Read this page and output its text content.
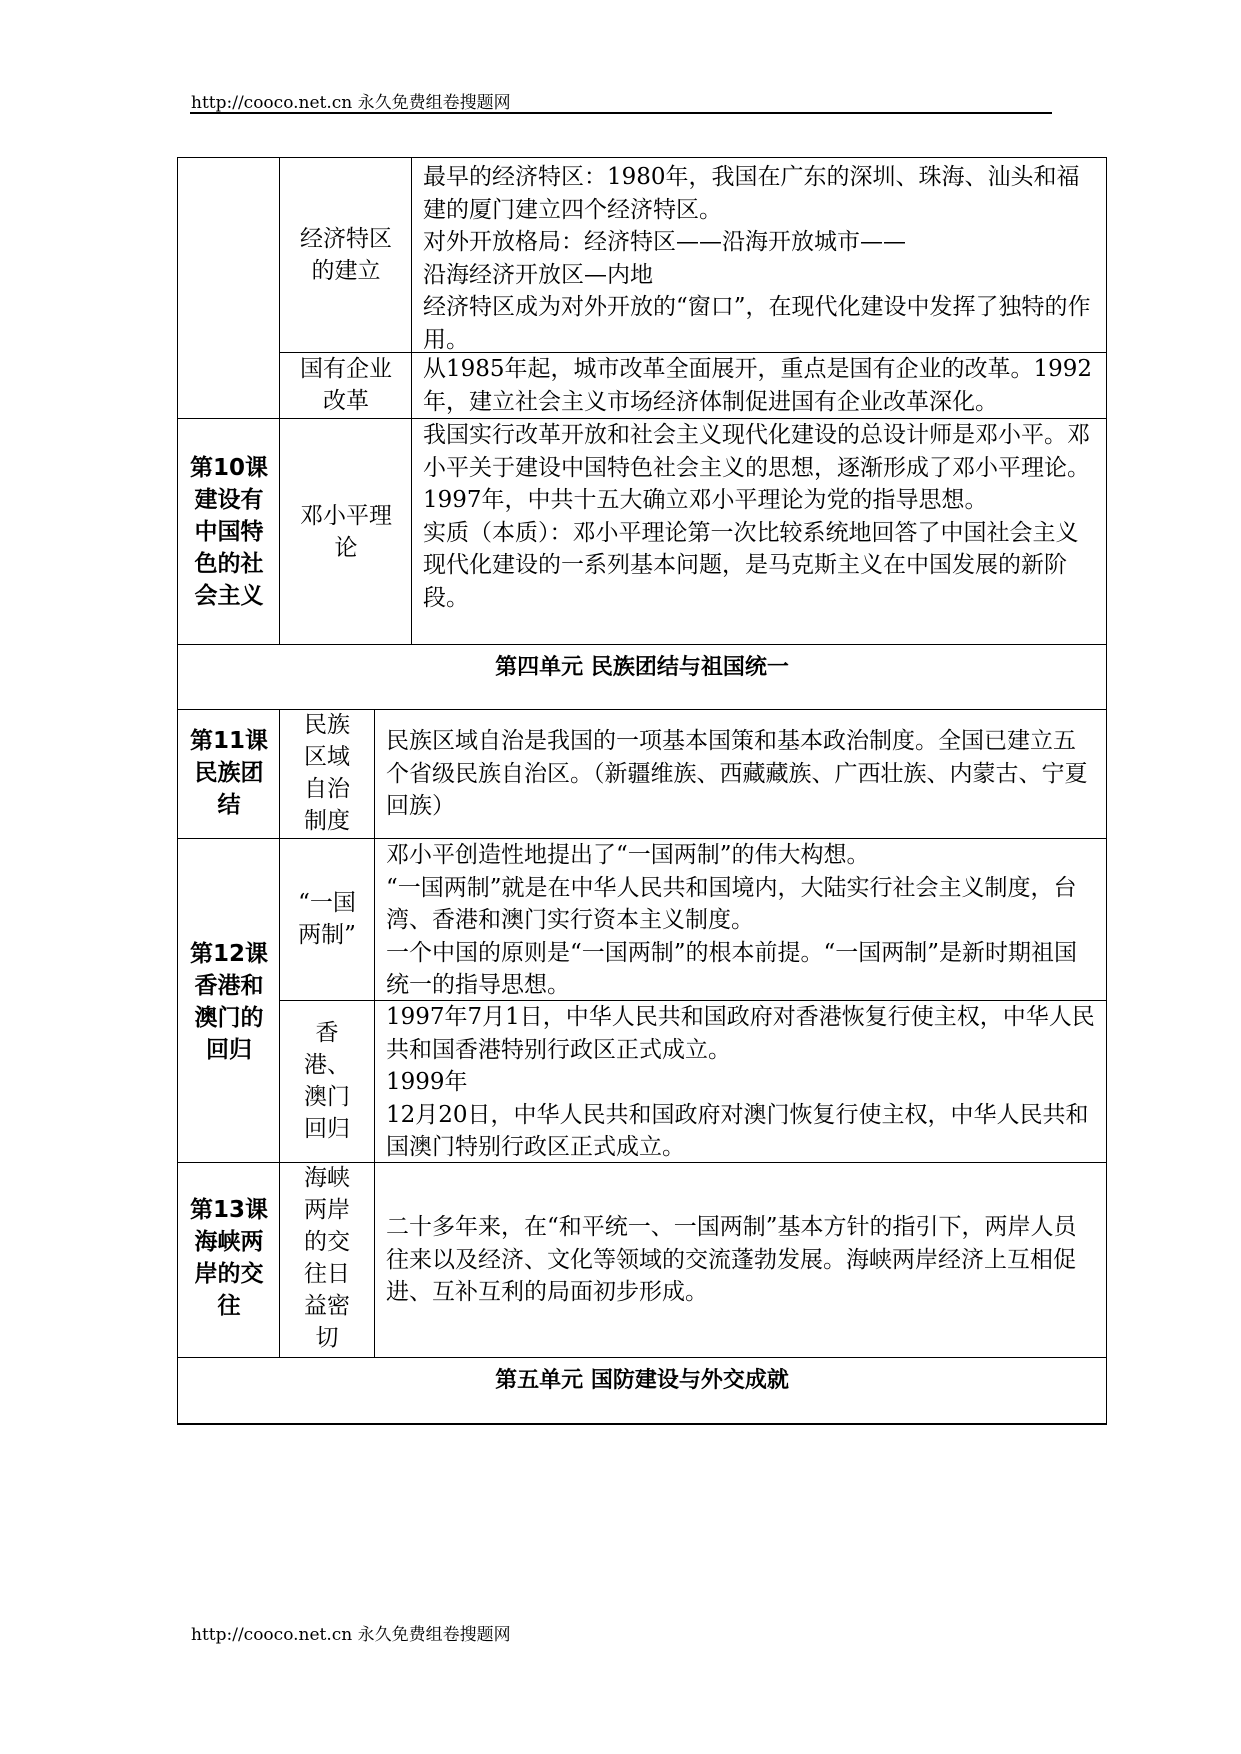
http://cooco.net.cn 永久免费组卷搜题网
经济特区的建立
最早的经济特区：1980年，我国在广东的深圳、珠海、汕头和福建的厦门建立四个经济特区。
对外开放格局：经济特区——沿海开放城市——
沿海经济开放区—内地
经济特区成为对外开放的“窗口”，在现代化建设中发挥了独特的作用。
国有企业改革
从1985年起，城市改革全面展开，重点是国有企业的改革。1992年，建立社会主义市场经济体制促进国有企业改革深化。
第10课建设有中国特色的社会主义
邓小平理论
我国实行改革开放和社会主义现代化建设的总设计师是邓小平。邓小平关于建设中国特色社会主义的思想，逐渐形成了邓小平理论。1997年，中共十五大确立邓小平理论为党的指导思想。
实质（本质）：邓小平理论第一次比较系统地回答了中国社会主义现代化建设的一系列基本问题，是马克斯主义在中国发展的新阶段。
第四单元 民族团结与祖国统一
第11课民族团结
民族区域自治制度
民族区域自治是我国的一项基本国策和基本政治制度。全国已建立五个省级民族自治区。（新疆维族、西藏藏族、广西壮族、内蒙古、宁夏回族）
第12课香港和澳门的回归
“一国两制”
邓小平创造性地提出了“一国两制”的伟大构想。
“一国两制”就是在中华人民共和国境内，大陆实行社会主义制度，台湾、香港和澳门实行资本主义制度。
一个中国的原则是“一国两制”的根本前提。“一国两制”是新时期祖国统一的指导思想。
香港、澳门回归
1997年7月1日，中华人民共和国政府对香港恢复行使主权，中华人民共和国香港特别行政区正式成立。
1999年
12月20日，中华人民共和国政府对澳门恢复行使主权，中华人民共和国澳门特别行政区正式成立。
第13课海峡两岸的交往
海峡两岸的交往日益密切
二十多年来，在“和平统一、一国两制”基本方针的指引下，两岸人员往来以及经济、文化等领域的交流蓬勃发展。海峡两岸经济上互相促进、互补互利的局面初步形成。
第五单元 国防建设与外交成就
http://cooco.net.cn 永久免费组卷搜题网
